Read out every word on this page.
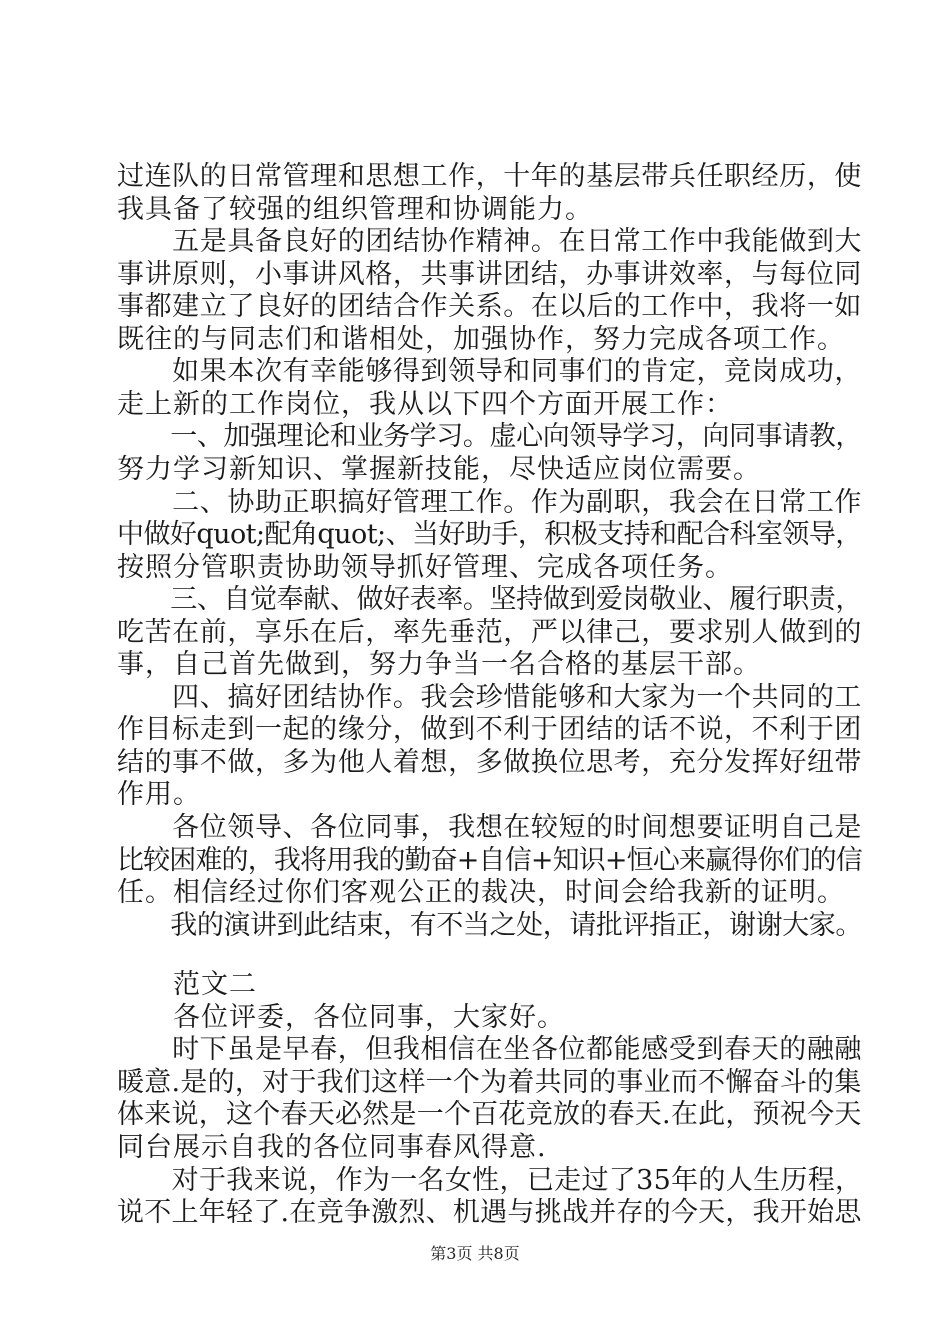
过连队的日常管理和思想工作，十年的基层带兵任职经历，使
我具备了较强的组织管理和协调能力。
　　五是具备良好的团结协作精神。在日常工作中我能做到大
事讲原则，小事讲风格，共事讲团结，办事讲效率，与每位同
事都建立了良好的团结合作关系。在以后的工作中，我将一如
既往的与同志们和谐相处，加强协作，努力完成各项工作。
　　如果本次有幸能够得到领导和同事们的肯定，竞岗成功，
走上新的工作岗位，我从以下四个方面开展工作：
　　一、加强理论和业务学习。虚心向领导学习，向同事请教，
努力学习新知识、掌握新技能，尽快适应岗位需要。
　　二、协助正职搞好管理工作。作为副职，我会在日常工作
中做好quot;配角quot;、当好助手，积极支持和配合科室领导，
按照分管职责协助领导抓好管理、完成各项任务。
　　三、自觉奉献、做好表率。坚持做到爱岗敬业、履行职责，
吃苦在前，享乐在后，率先垂范，严以律己，要求别人做到的
事，自己首先做到，努力争当一名合格的基层干部。
　　四、搞好团结协作。我会珍惜能够和大家为一个共同的工
作目标走到一起的缘分，做到不利于团结的话不说，不利于团
结的事不做，多为他人着想，多做换位思考，充分发挥好纽带
作用。
　　各位领导、各位同事，我想在较短的时间想要证明自己是
比较困难的，我将用我的勤奋+自信+知识+恒心来赢得你们的信
任。相信经过你们客观公正的裁决，时间会给我新的证明。
　　我的演讲到此结束，有不当之处，请批评指正，谢谢大家。
　　范文二
　　各位评委，各位同事，大家好。
　　时下虽是早春，但我相信在坐各位都能感受到春天的融融
暖意.是的，对于我们这样一个为着共同的事业而不懈奋斗的集
体来说，这个春天必然是一个百花竞放的春天.在此，预祝今天
同台展示自我的各位同事春风得意.
　　对于我来说，作为一名女性，已走过了35年的人生历程，
说不上年轻了.在竞争激烈、机遇与挑战并存的今天，我开始思
第3页 共8页
